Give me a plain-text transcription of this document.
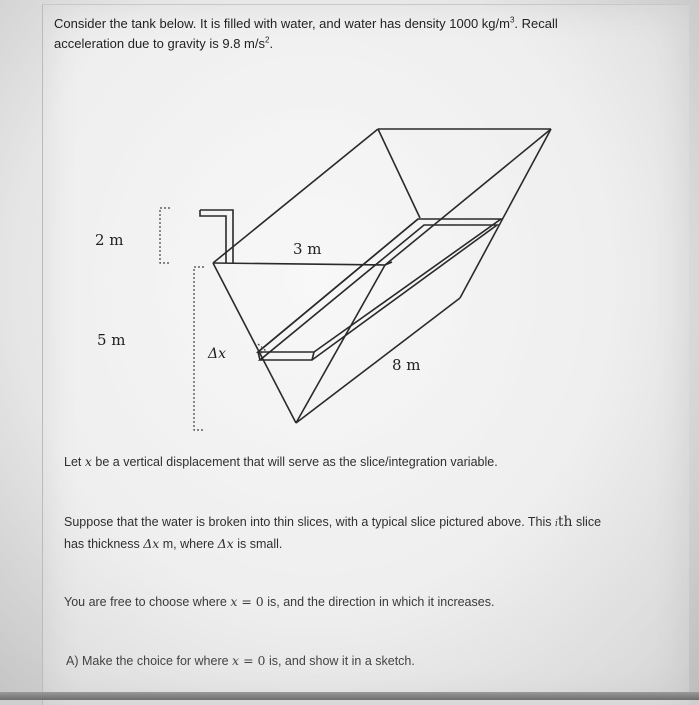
Consider the tank below. It is filled with water, and water has density 1000 $kg/m^3$. Recall
acceleration due to gravity is 9.8 $m/s^2$.
2 m	3 m
5 m
8 m
Δx
Let x be a vertical displacement that will serve as the slice/integration variable.
Suppose that the water is broken into thin slices, with a typical slice pictured above. This ith slice
has thickness Δx m, where Δx is small.
You are free to choose where x = 0 is, and the direction in which it increases.
A) Make the choice for where x = 0 is, and show it in a sketch.
